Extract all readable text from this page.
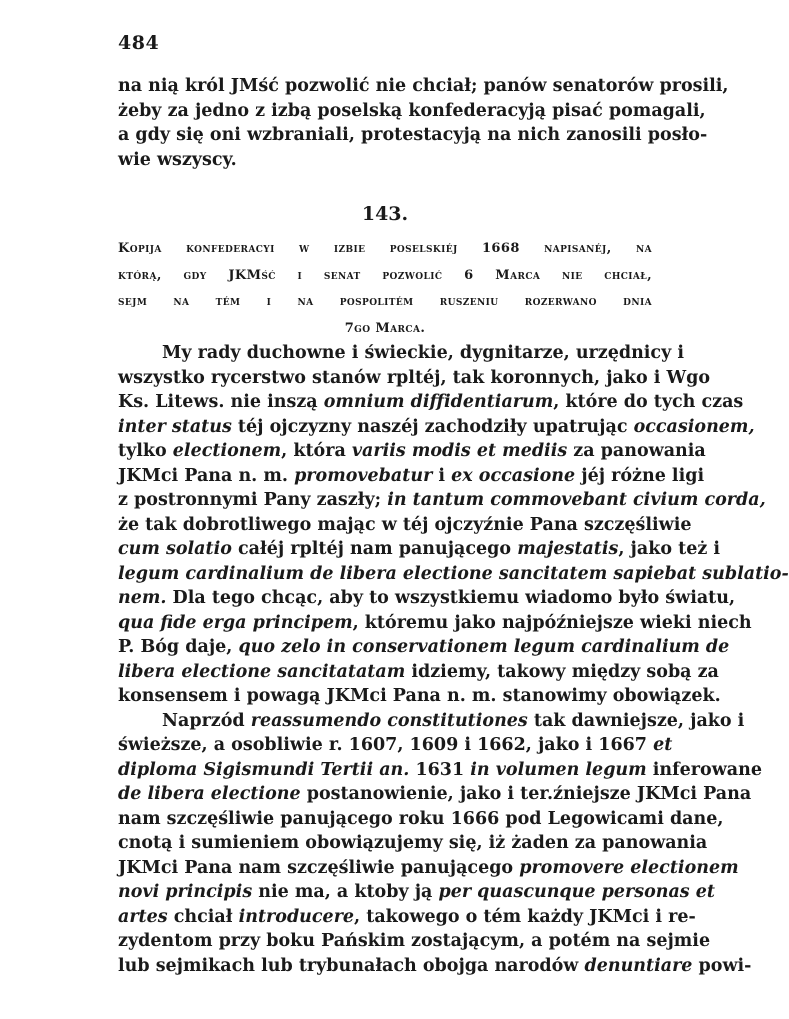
484
na nią król JMść pozwolić nie chciał; panów senatorów prosili,
żeby za jedno z izbą poselską konfederacyją pisać pomagali,
a gdy się oni wzbraniali, protestacyją na nich zanosili posło-
wie wszyscy.
143.
Kopija konfederacyi w izbie poselskiéj 1668 napisanéj, na
którą, gdy JKMść i senat pozwolić 6 Marca nie chciał,
sejm na tém i na pospolitém ruszeniu rozerwano dnia
7go Marca.
My rady duchowne i świeckie, dygnitarze, urzędnicy i
wszystko rycerstwo stanów rpltéj, tak koronnych, jako i Wgo
Ks. Litews. nie inszą omnium diffidentiarum, które do tych czas
inter status téj ojczyzny naszéj zachodziły upatrując occasionem,
tylko electionem, która variis modis et mediis za panowania
JKMci Pana n. m. promovebatur i ex occasione jéj różne ligi
z postronnymi Pany zaszły; in tantum commovebant civium corda,
że tak dobrotliwego mając w téj ojczyźnie Pana szczęśliwie
cum solatio całéj rpltéj nam panującego majestatis, jako też i
legum cardinalium de libera electione sancitatem sapiebat sublatio-
nem. Dla tego chcąc, aby to wszystkiemu wiadomo było światu,
qua fide erga principem, któremu jako najpóźniejsze wieki niech
P. Bóg daje, quo zelo in conservationem legum cardinalium de
libera electione sancitatatam idziemy, takowy między sobą za
konsensem i powagą JKMci Pana n. m. stanowimy obowiązek.
Naprzód reassumendo constitutiones tak dawniejsze, jako i
świeższe, a osobliwie r. 1607, 1609 i 1662, jako i 1667 et
diploma Sigismundi Tertii an. 1631 in volumen legum inferowane
de libera electione postanowienie, jako i ter.źniejsze JKMci Pana
nam szczęśliwie panującego roku 1666 pod Legowicami dane,
cnotą i sumieniem obowiązujemy się, iż żaden za panowania
JKMci Pana nam szczęśliwie panującego promovere electionem
novi principis nie ma, a ktoby ją per quascunque personas et
artes chciał introducere, takowego o tém każdy JKMci i re-
zydentom przy boku Pańskim zostającym, a potém na sejmie
lub sejmikach lub trybunałach obojga narodów denuntiare powi-
